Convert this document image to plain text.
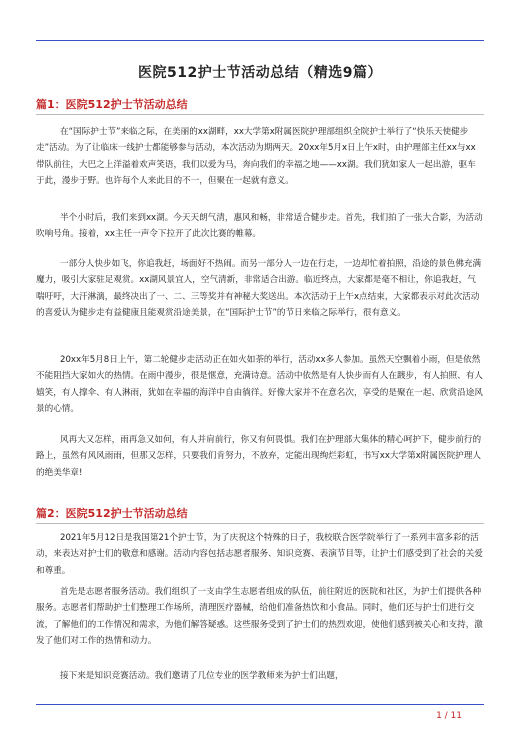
医院512护士节活动总结（精选9篇）
篇1：医院512护士节活动总结

在“国际护士节”来临之际，在美丽的xx湖畔，xx大学第x附属医院护理部组织全院护士举行了“快乐天使健步走”活动。为了让临床一线护士都能够参与活动，本次活动为期两天。20xx年5月x日上午x时，由护理部主任xx与xx带队前往，大巴之上洋溢着欢声笑语，我们以爱为马，奔向我们的幸福之地——xx湖。我们犹如家人一起出游，驱车于此，漫步于野。也许每个人来此目的不一，但聚在一起就有意义。

半个小时后，我们来到xx湖。今天天朗气清，惠风和畅，非常适合健步走。首先，我们拍了一张大合影，为活动吹响号角。接着，xx主任一声令下拉开了此次比赛的帷幕。

一部分人快步如飞，你追我赶，场面好不热闹。而另一部分人一边在行走，一边却忙着拍照，沿途的景色佛充满魔力，吸引大家驻足观赏。xx湖风景宜人，空气清新，非常适合出游。临近终点，大家都是毫不相让，你追我赶，气喘吁吁，大汗淋漓，最终决出了一、二、三等奖并有神秘大奖送出。本次活动于上午x点结束，大家都表示对此次活动的喜爱认为健步走有益健康且能观赏沿途美景，在“国际护士节”的节日来临之际举行，很有意义。

20xx年5月8日上午，第二轮健步走活动正在如火如荼的举行，活动xx多人参加。虽然天空飘着小雨，但是依然不能阻挡大家如火的热情。在雨中漫步，很是惬意，充满诗意。活动中依然是有人快步而有人在踱步，有人拍照、有人嬉笑，有人撑伞、有人淋雨，犹如在幸福的海洋中自由徜徉。好像大家并不在意名次，享受的是聚在一起、欣赏沿途风景的心情。

风再大又怎样，雨再急又如何，有人并肩前行，你又有何畏惧。我们在护理部大集体的精心呵护下，健步前行的路上，虽然有风风雨雨，但那又怎样，只要我们肯努力，不放弃，定能出现绚烂彩虹，书写xx大学第x附属医院护理人的绝美华章!

篇2：医院512护士节活动总结

2021年5月12日是我国第21个护士节，为了庆祝这个特殊的日子，我校联合医学院举行了一系列丰富多彩的活动，来表达对护士们的敬意和感谢。活动内容包括志愿者服务、知识竞赛、表演节目等，让护士们感受到了社会的关爱和尊重。

首先是志愿者服务活动。我们组织了一支由学生志愿者组成的队伍，前往附近的医院和社区，为护士们提供各种服务。志愿者们帮助护士们整理工作场所，清理医疗器械，给他们准备热饮和小食品。同时，他们还与护士们进行交流，了解他们的工作情况和需求，为他们解答疑惑。这些服务受到了护士们的热烈欢迎，使他们感到被关心和支持，激发了他们对工作的热情和动力。

接下来是知识竞赛活动。我们邀请了几位专业的医学教师来为护士们出题，

1 / 11
